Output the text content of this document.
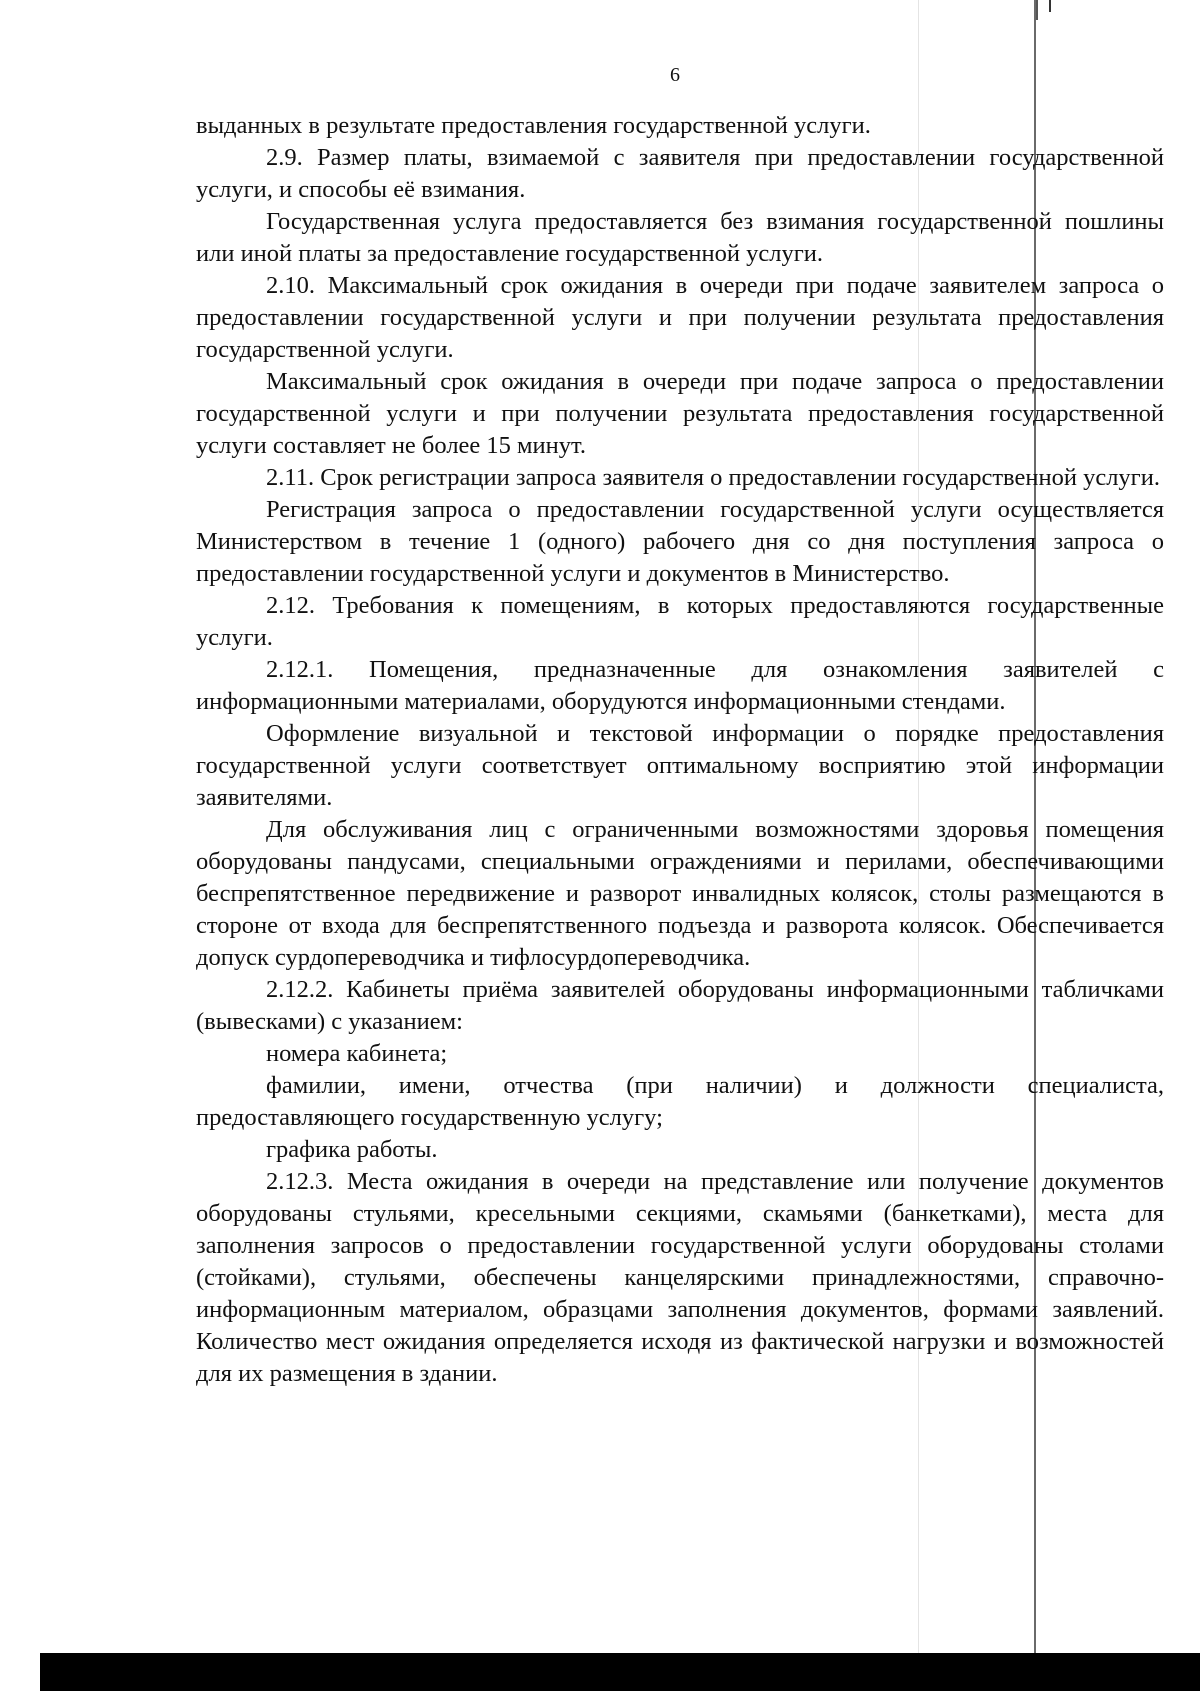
6

выданных в результате предоставления государственной услуги.

2.9. Размер платы, взимаемой с заявителя при предоставлении государственной услуги, и способы её взимания.

Государственная услуга предоставляется без взимания государственной пошлины или иной платы за предоставление государственной услуги.

2.10. Максимальный срок ожидания в очереди при подаче заявителем запроса о предоставлении государственной услуги и при получении результата предоставления государственной услуги.

Максимальный срок ожидания в очереди при подаче запроса о предоставлении государственной услуги и при получении результата предоставления государственной услуги составляет не более 15 минут.

2.11. Срок регистрации запроса заявителя о предоставлении государственной услуги.

Регистрация запроса о предоставлении государственной услуги осуществляется Министерством в течение 1 (одного) рабочего дня со дня поступления запроса о предоставлении государственной услуги и документов в Министерство.

2.12. Требования к помещениям, в которых предоставляются государственные услуги.

2.12.1. Помещения, предназначенные для ознакомления заявителей с информационными материалами, оборудуются информационными стендами.

Оформление визуальной и текстовой информации о порядке предоставления государственной услуги соответствует оптимальному восприятию этой информации заявителями.

Для обслуживания лиц с ограниченными возможностями здоровья помещения оборудованы пандусами, специальными ограждениями и перилами, обеспечивающими беспрепятственное передвижение и разворот инвалидных колясок, столы размещаются в стороне от входа для беспрепятственного подъезда и разворота колясок. Обеспечивается допуск сурдопереводчика и тифлосурдопереводчика.

2.12.2. Кабинеты приёма заявителей оборудованы информационными табличками (вывесками) с указанием:

номера кабинета;

фамилии, имени, отчества (при наличии) и должности специалиста, предоставляющего государственную услугу;

графика работы.

2.12.3. Места ожидания в очереди на представление или получение документов оборудованы стульями, кресельными секциями, скамьями (банкетками), места для заполнения запросов о предоставлении государственной услуги оборудованы столами (стойками), стульями, обеспечены канцелярскими принадлежностями, справочно-информационным материалом, образцами заполнения документов, формами заявлений. Количество мест ожидания определяется исходя из фактической нагрузки и возможностей для их размещения в здании.
